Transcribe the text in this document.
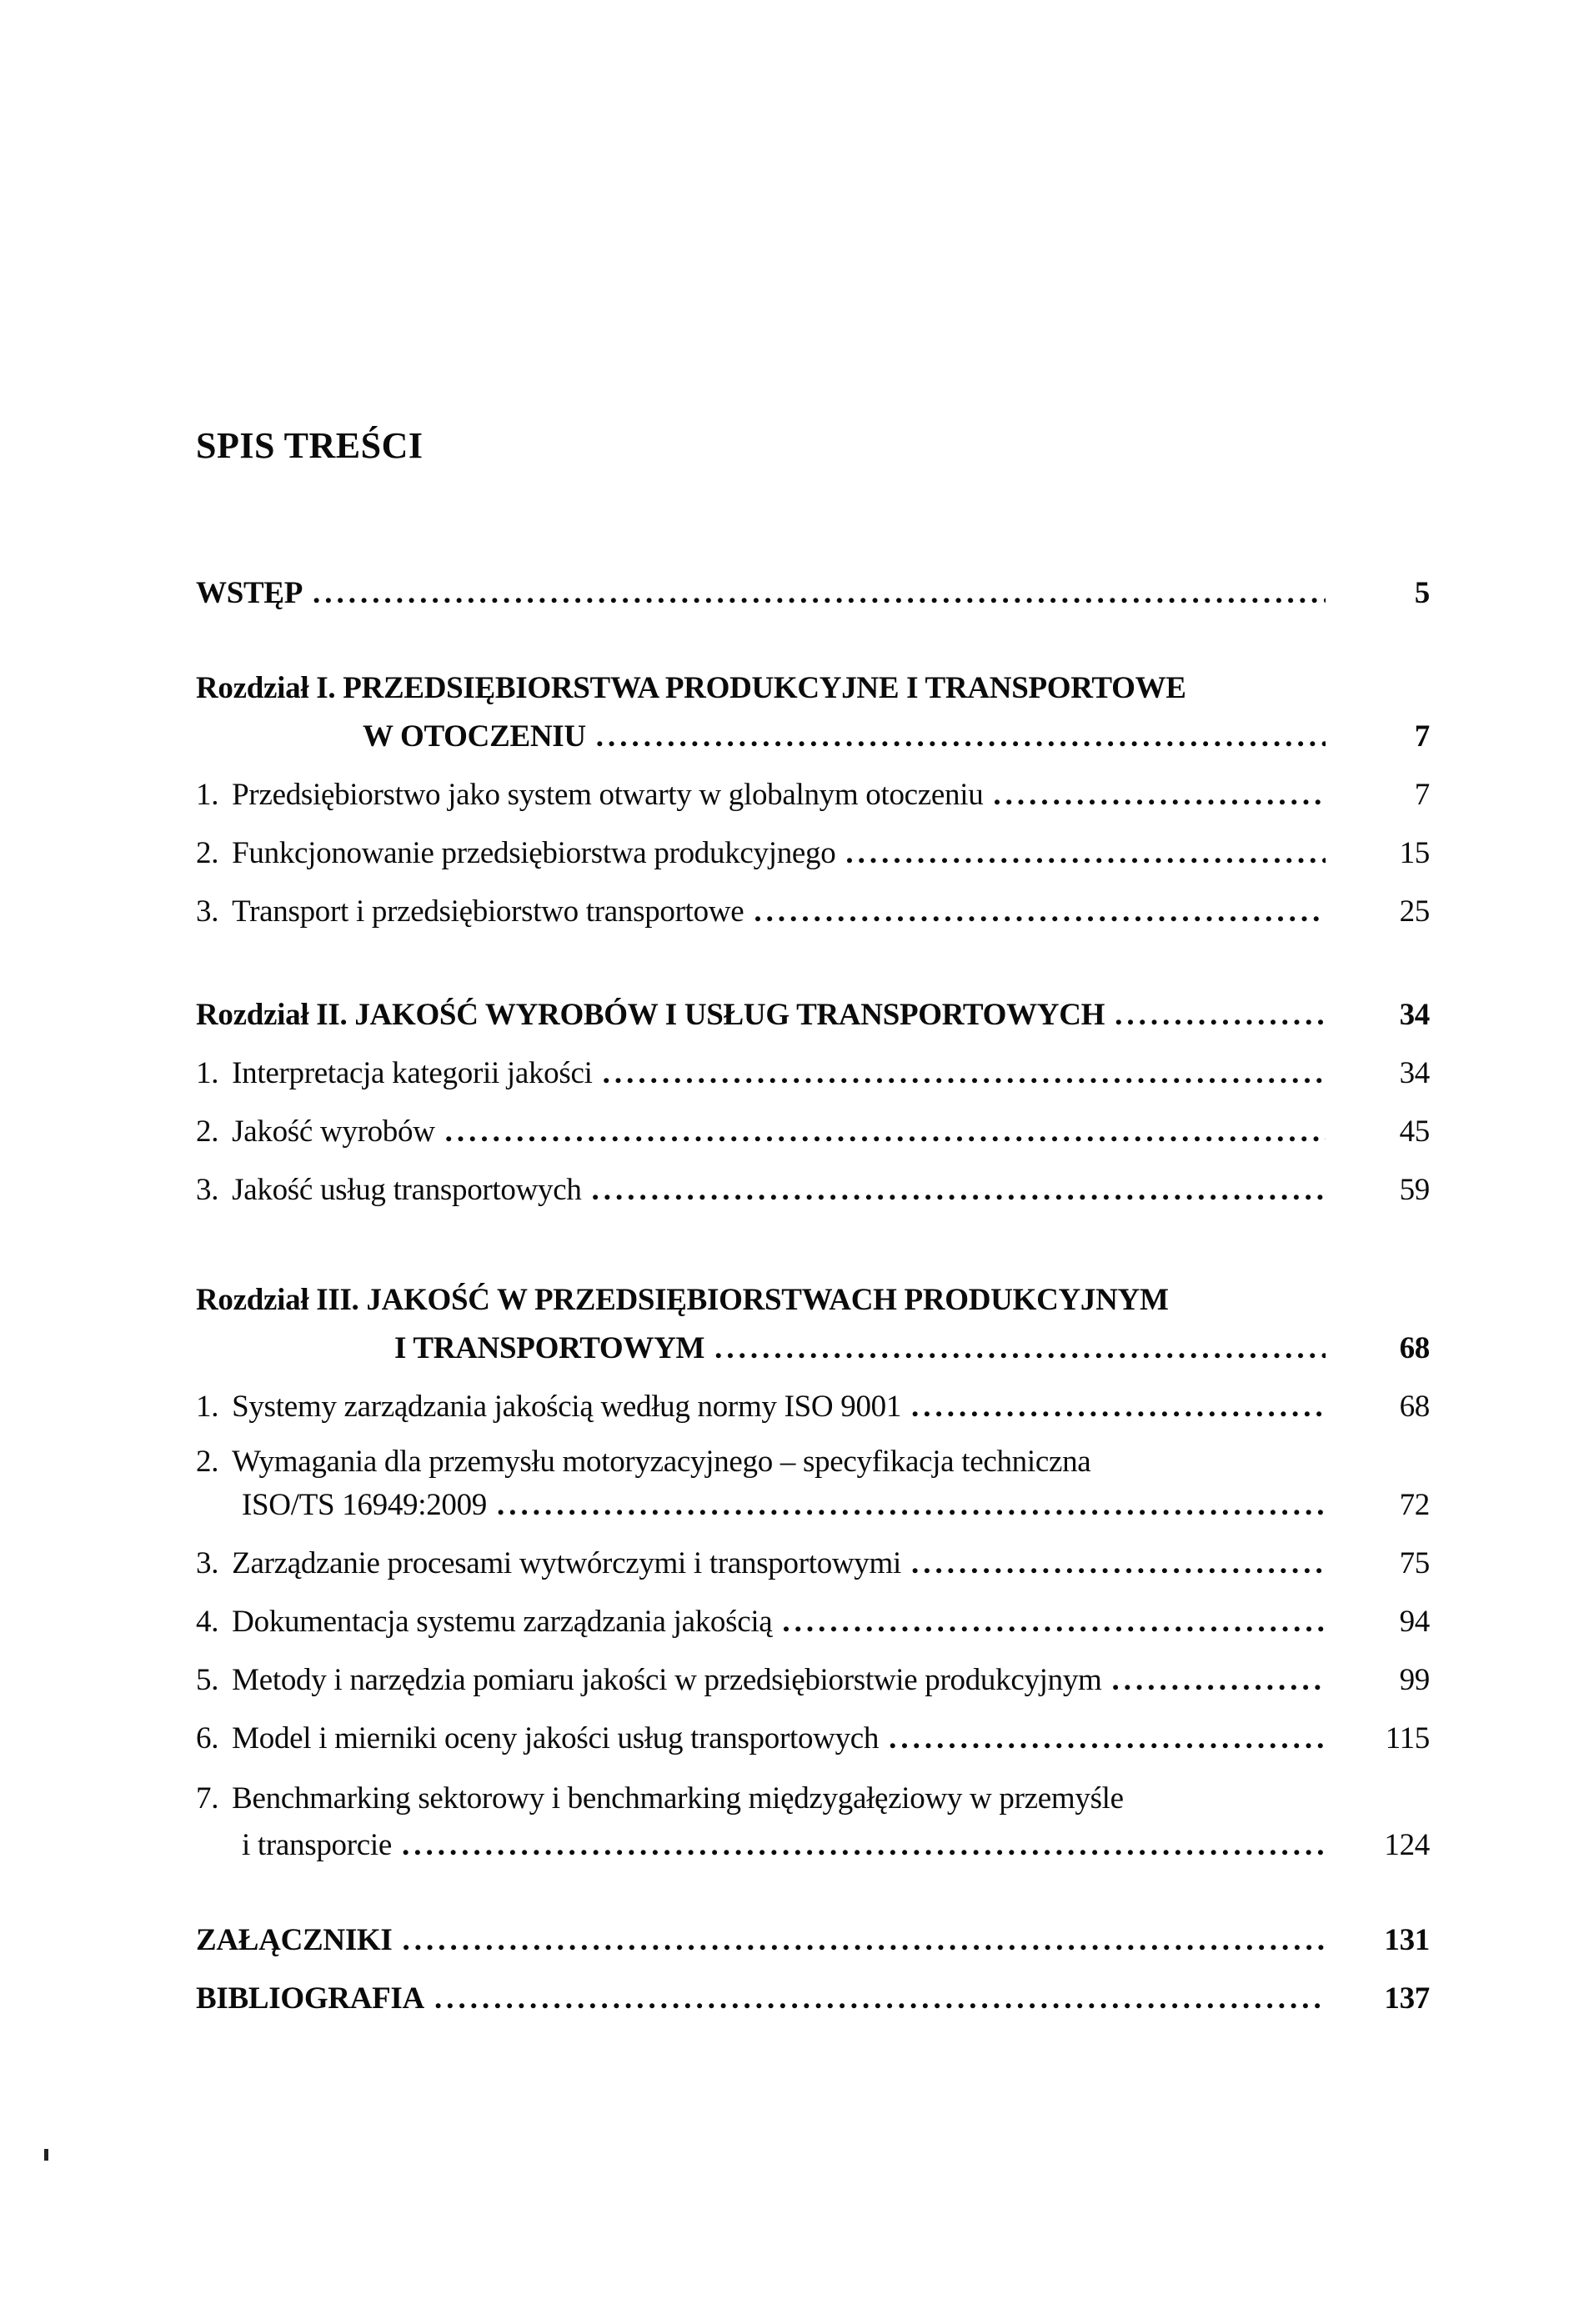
SPIS TREŚCI
WSTĘP .....	5
Rozdział I. PRZEDSIĘBIORSTWA PRODUKCYJNE I TRANSPORTOWE
W OTOCZENIU .....	7
1. Przedsiębiorstwo jako system otwarty w globalnym otoczeniu .....	7
2. Funkcjonowanie przedsiębiorstwa produkcyjnego .....	15
3. Transport i przedsiębiorstwo transportowe .....	25
Rozdział II. JAKOŚĆ WYROBÓW I USŁUG TRANSPORTOWYCH .....	34
1. Interpretacja kategorii jakości .....	34
2. Jakość wyrobów .....	45
3. Jakość usług transportowych .....	59
Rozdział III. JAKOŚĆ W PRZEDSIĘBIORSTWACH PRODUKCYJNYM
I TRANSPORTOWYM .....	68
1. Systemy zarządzania jakością według normy ISO 9001 .....	68
2. Wymagania dla przemysłu motoryzacyjnego – specyfikacja techniczna
ISO/TS 16949:2009 .....	72
3. Zarządzanie procesami wytwórczymi i transportowymi .....	75
4. Dokumentacja systemu zarządzania jakością .....	94
5. Metody i narzędzia pomiaru jakości w przedsiębiorstwie produkcyjnym .....	99
6. Model i mierniki oceny jakości usług transportowych .....	115
7. Benchmarking sektorowy i benchmarking międzygałęziowy w przemyśle
i transporcie .....	124
ZAŁĄCZNIKI .....	131
BIBLIOGRAFIA .....	137
